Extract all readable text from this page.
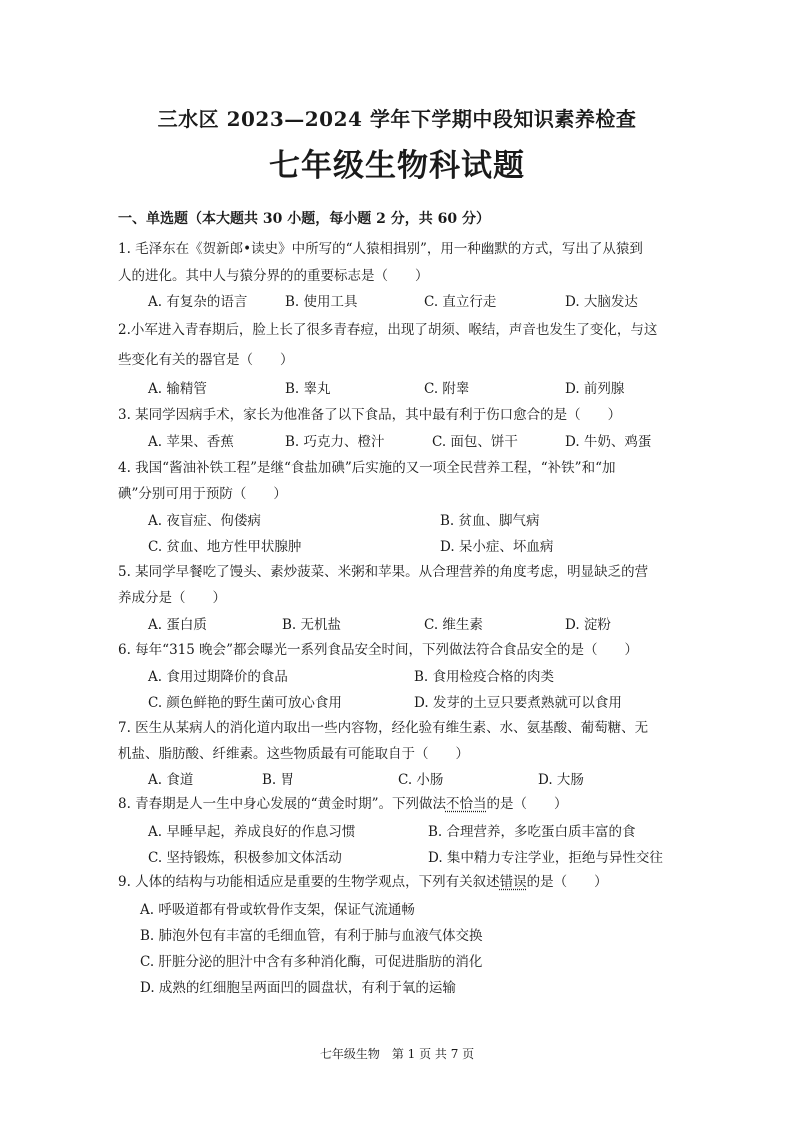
三水区 2023—2024 学年下学期中段知识素养检查
七年级生物科试题
一、单选题（本大题共 30 小题，每小题 2 分，共 60 分）
1. 毛泽东在《贺新郎•读史》中所写的“人猿相揖别”，用一种幽默的方式，写出了从猿到
人的进化。其中人与猿分界的的重要标志是（　　）
A. 有复杂的语言	B. 使用工具	C. 直立行走	D. 大脑发达
2.小军进入青春期后，脸上长了很多青春痘，出现了胡须、喉结，声音也发生了变化，与这
些变化有关的器官是（　　）
A. 输精管	B. 睾丸	C. 附睾	D. 前列腺
3. 某同学因病手术，家长为他准备了以下食品，其中最有利于伤口愈合的是（　　）
A. 苹果、香蕉	B. 巧克力、橙汁	C. 面包、饼干	D. 牛奶、鸡蛋
4. 我国“酱油补铁工程”是继“食盐加碘”后实施的又一项全民营养工程，“补铁”和“加
碘”分别可用于预防（　　）
A. 夜盲症、佝偻病	B. 贫血、脚气病
C. 贫血、地方性甲状腺肿	D. 呆小症、坏血病
5. 某同学早餐吃了馒头、素炒菠菜、米粥和苹果。从合理营养的角度考虑，明显缺乏的营
养成分是（　　）
A. 蛋白质	B. 无机盐	C. 维生素	D. 淀粉
6. 每年“315 晚会”都会曝光一系列食品安全时间，下列做法符合食品安全的是（　　）
A. 食用过期降价的食品	B. 食用检疫合格的肉类
C. 颜色鲜艳的野生菌可放心食用	D. 发芽的土豆只要煮熟就可以食用
7. 医生从某病人的消化道内取出一些内容物，经化验有维生素、水、氨基酸、葡萄糖、无
机盐、脂肪酸、纤维素。这些物质最有可能取自于（　　）
A. 食道	B. 胃	C. 小肠	D. 大肠
8. 青春期是人一生中身心发展的“黄金时期”。下列做法不恰当的是（　　）
A. 早睡早起，养成良好的作息习惯	B. 合理营养，多吃蛋白质丰富的食
C. 坚持锻炼，积极参加文体活动	D. 集中精力专注学业，拒绝与异性交往
9. 人体的结构与功能相适应是重要的生物学观点，下列有关叙述错误的是（　　）
A. 呼吸道都有骨或软骨作支架，保证气流通畅
B. 肺泡外包有丰富的毛细血管，有利于肺与血液气体交换
C. 肝脏分泌的胆汁中含有多种消化酶，可促进脂肪的消化
D. 成熟的红细胞呈两面凹的圆盘状，有利于氧的运输
七年级生物　第 1 页 共 7 页
